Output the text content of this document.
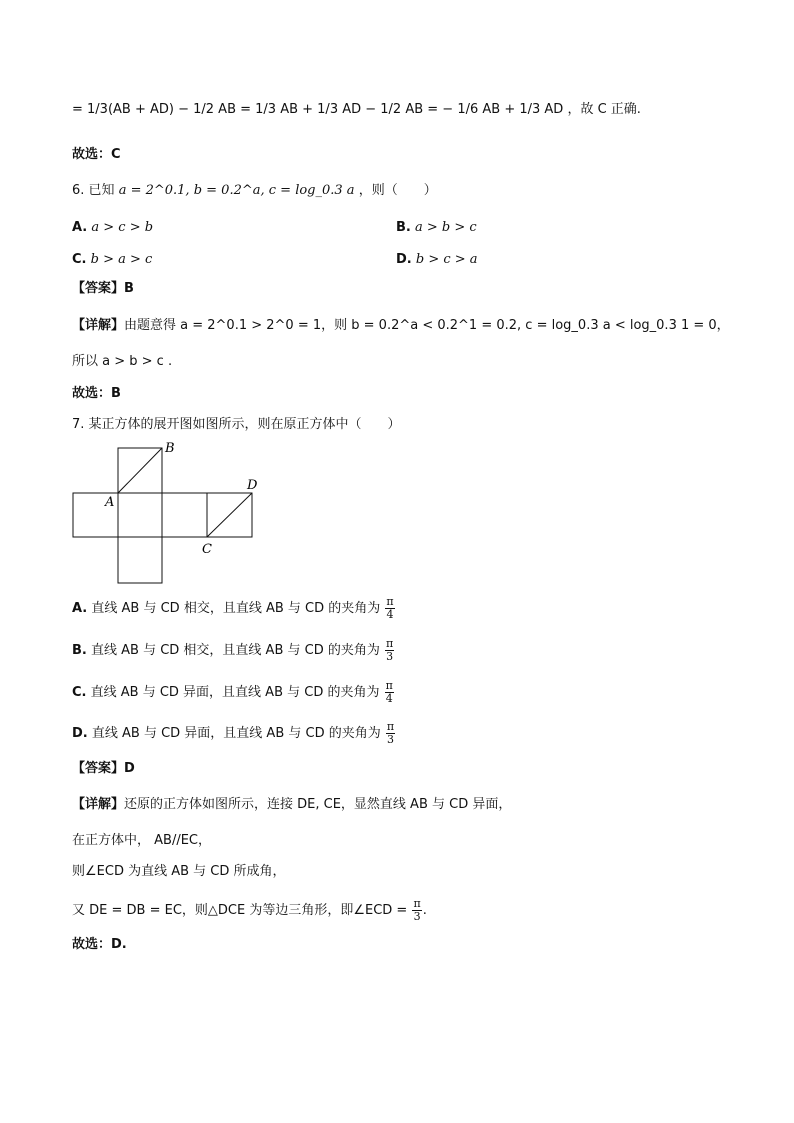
= 1/3(AB + AD) − 1/2 AB = 1/3 AB + 1/3 AD − 1/2 AB = − 1/6 AB + 1/3 AD ，故 C 正确.
故选：C
6. 已知 a = 2^0.1, b = 0.2^a, c = log_0.3 a ，则（　　）
A. a > c > b	B. a > b > c
C. b > a > c	D. b > c > a
【答案】B
【详解】由题意得 a = 2^0.1 > 2^0 = 1，则 b = 0.2^a < 0.2^1 = 0.2, c = log_0.3 a < log_0.3 1 = 0，
所以 a > b > c .
故选：B
7. 某正方体的展开图如图所示，则在原正方体中（　　）
A
B
C
D
A. 直线 AB 与 CD 相交，且直线 AB 与 CD 的夹角为 $\frac{\pi}{4}$
B. 直线 AB 与 CD 相交，且直线 AB 与 CD 的夹角为 $\frac{\pi}{3}$
C. 直线 AB 与 CD 异面，且直线 AB 与 CD 的夹角为 $\frac{\pi}{4}$
D. 直线 AB 与 CD 异面，且直线 AB 与 CD 的夹角为 $\frac{\pi}{3}$
【答案】D
【详解】还原的正方体如图所示，连接 DE, CE，显然直线 AB 与 CD 异面，
在正方体中， AB//EC，
则∠ECD 为直线 AB 与 CD 所成角，
又 DE = DB = EC，则△DCE 为等边三角形，即∠ECD = $\frac{\pi}{3}$ .
故选：D.
